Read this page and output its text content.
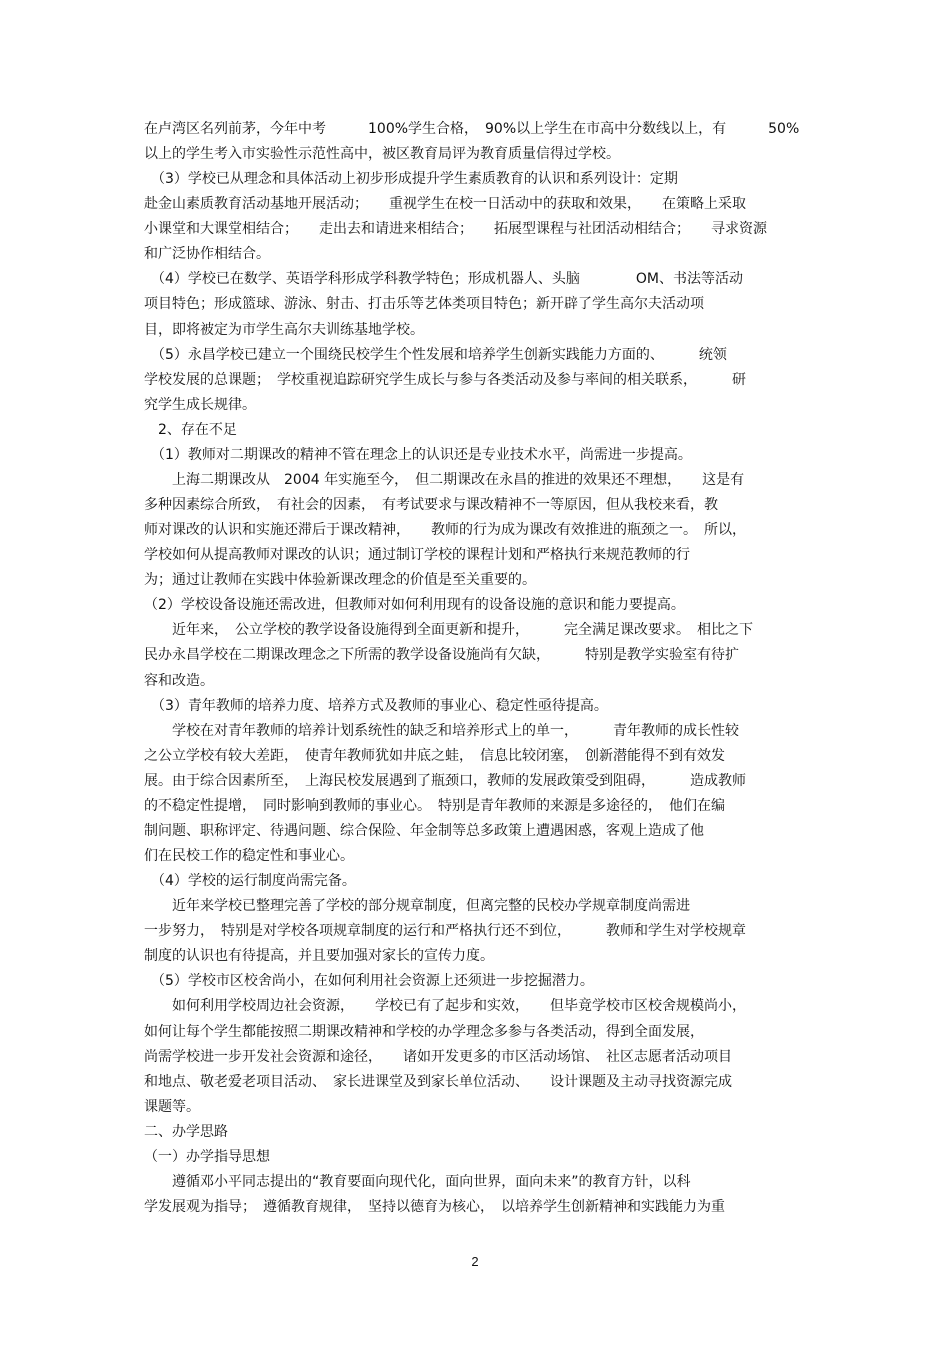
在卢湾区名列前茅，今年中考　　　100%学生合格，　90%以上学生在市高中分数线以上，有　　　50%
以上的学生考入市实验性示范性高中，被区教育局评为教育质量信得过学校。
　（3）学校已从理念和具体活动上初步形成提升学生素质教育的认识和系列设计：定期
赴金山素质教育活动基地开展活动；　　重视学生在校一日活动中的获取和效果，　　在策略上采取
小课堂和大课堂相结合；　　走出去和请进来相结合；　　拓展型课程与社团活动相结合；　　寻求资源
和广泛协作相结合。
　（4）学校已在数学、英语学科形成学科教学特色；形成机器人、头脑　　　　OM、书法等活动
项目特色；形成篮球、游泳、射击、打击乐等艺体类项目特色；新开辟了学生高尔夫活动项
目，即将被定为市学生高尔夫训练基地学校。
　（5）永昌学校已建立一个围绕民校学生个性发展和培养学生创新实践能力方面的、　　　统领
学校发展的总课题；　学校重视追踪研究学生成长与参与各类活动及参与率间的相关联系，　　　研
究学生成长规律。
　2、存在不足
　（1）教师对二期课改的精神不管在理念上的认识还是专业技术水平，尚需进一步提高。
　　上海二期课改从　2004 年实施至今，　但二期课改在永昌的推进的效果还不理想，　　这是有
多种因素综合所致，　有社会的因素，　有考试要求与课改精神不一等原因，但从我校来看，教
师对课改的认识和实施还滞后于课改精神，　　教师的行为成为课改有效推进的瓶颈之一。　所以，
学校如何从提高教师对课改的认识；通过制订学校的课程计划和严格执行来规范教师的行
为；通过让教师在实践中体验新课改理念的价值是至关重要的。
（2）学校设备设施还需改进，但教师对如何利用现有的设备设施的意识和能力要提高。
　　近年来，　公立学校的教学设备设施得到全面更新和提升，　　　完全满足课改要求。　相比之下
民办永昌学校在二期课改理念之下所需的教学设备设施尚有欠缺，　　　特别是教学实验室有待扩
容和改造。
　（3）青年教师的培养力度、培养方式及教师的事业心、稳定性亟待提高。
　　学校在对青年教师的培养计划系统性的缺乏和培养形式上的单一，　　　青年教师的成长性较
之公立学校有较大差距，　使青年教师犹如井底之蛙，　信息比较闭塞，　创新潜能得不到有效发
展。由于综合因素所至，　上海民校发展遇到了瓶颈口，教师的发展政策受到阻碍，　　　造成教师
的不稳定性提增，　同时影响到教师的事业心。　特别是青年教师的来源是多途径的，　他们在编
制问题、职称评定、待遇问题、综合保险、年金制等总多政策上遭遇困惑，客观上造成了他
们在民校工作的稳定性和事业心。
　（4）学校的运行制度尚需完备。
　　近年来学校已整理完善了学校的部分规章制度，但离完整的民校办学规章制度尚需进
一步努力，　特别是对学校各项规章制度的运行和严格执行还不到位，　　　教师和学生对学校规章
制度的认识也有待提高，并且要加强对家长的宣传力度。
　（5）学校市区校舍尚小，在如何利用社会资源上还须进一步挖掘潜力。
　　如何利用学校周边社会资源，　　学校已有了起步和实效，　　但毕竟学校市区校舍规模尚小，
如何让每个学生都能按照二期课改精神和学校的办学理念多参与各类活动，得到全面发展，
尚需学校进一步开发社会资源和途径，　　诸如开发更多的市区活动场馆、　社区志愿者活动项目
和地点、敬老爱老项目活动、　家长进课堂及到家长单位活动、　　设计课题及主动寻找资源完成
课题等。
二、办学思路
（一）办学指导思想
　　遵循邓小平同志提出的“教育要面向现代化，面向世界，面向未来”的教育方针，以科
学发展观为指导；　遵循教育规律，　坚持以德育为核心，　以培养学生创新精神和实践能力为重
2
